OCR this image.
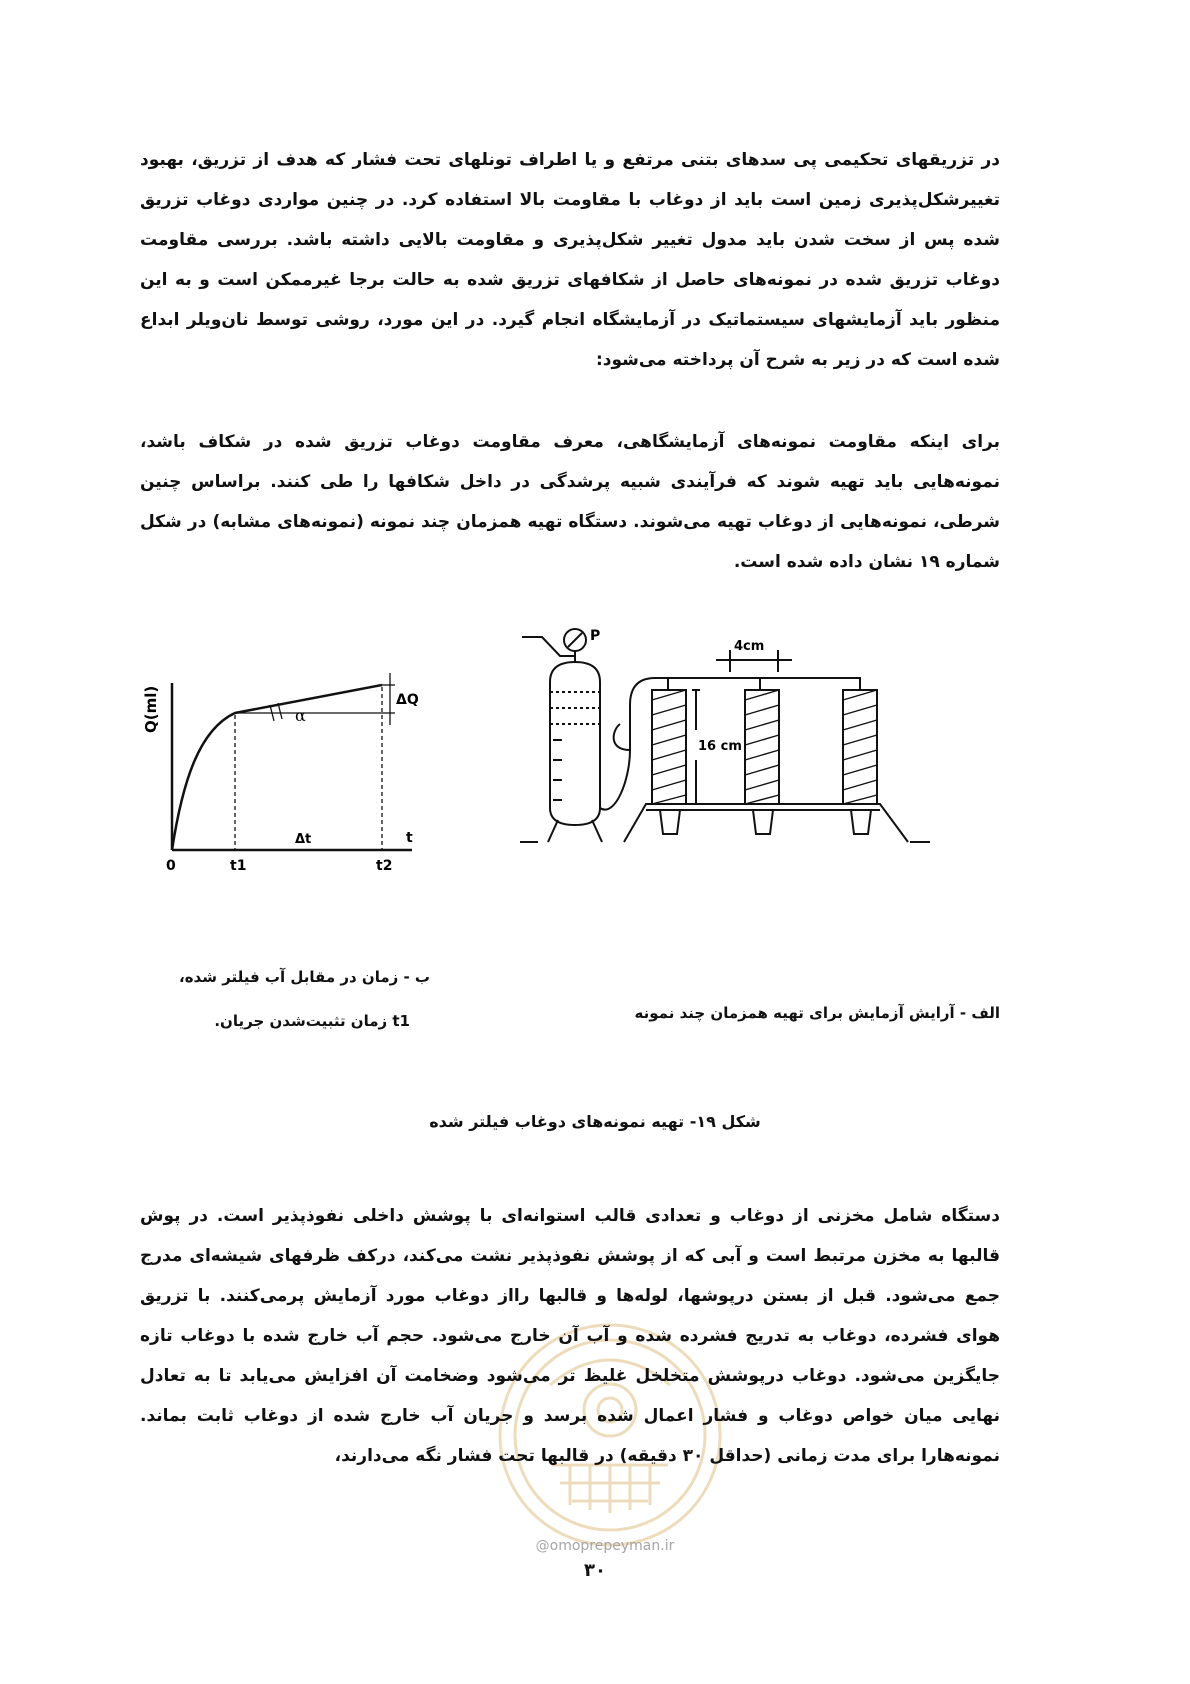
در تزریقهای تحکیمی پی سدهای بتنی مرتفع و یا اطراف تونلهای تحت فشار که هدف از تزریق، بهبود تغییرشکل‌پذیری زمین است باید از دوغاب با مقاومت بالا استفاده کرد. در چنین مواردی دوغاب تزریق شده پس از سخت شدن باید مدول تغییر شکل‌پذیری و مقاومت بالایی داشته باشد. بررسی مقاومت دوغاب تزریق شده در نمونه‌های حاصل از شکافهای تزریق شده به حالت برجا غیرممکن است و به این منظور باید آزمایشهای سیستماتیک در آزمایشگاه انجام گیرد. در این مورد، روشی توسط نان‌ویلر ابداع شده است که در زیر به شرح آن پرداخته می‌شود:

برای اینکه مقاومت نمونه‌های آزمایشگاهی، معرف مقاومت دوغاب تزریق شده در شکاف باشد، نمونه‌هایی باید تهیه شوند که فرآیندی شبیه پرشدگی در داخل شکافها را طی کنند. براساس چنین شرطی، نمونه‌هایی از دوغاب تهیه می‌شوند. دستگاه تهیه همزمان چند نمونه (نمونه‌های مشابه) در شکل شماره ۱۹ نشان داده شده است.

Q(ml)	α
ΔQ
Δt	t
0	t1	t2
P
4cm
16 cm

ب - زمان در مقابل آب فیلتر شده،

t1 زمان تثبیت‌شدن جریان.	الف - آرایش آزمایش برای تهیه همزمان چند نمونه

شکل ۱۹- تهیه نمونه‌های دوغاب فیلتر شده

دستگاه شامل مخزنی از دوغاب و تعدادی قالب استوانه‌ای با پوشش داخلی نفوذپذیر است. در پوش قالبها به مخزن مرتبط است و آبی که از پوشش نفوذپذیر نشت می‌کند، درکف ظرفهای شیشه‌ای مدرج جمع می‌شود. قبل از بستن درپوشها، لوله‌ها و قالبها رااز دوغاب مورد آزمایش پرمی‌کنند. با تزریق هوای فشرده، دوغاب به تدریج فشرده شده و آب آن خارج می‌شود. حجم آب خارج شده با دوغاب تازه جایگزین می‌شود. دوغاب درپوشش متخلخل غلیظ تر می‌شود وضخامت آن افزایش می‌یابد تا به تعادل نهایی میان خواص دوغاب و فشار اعمال شده برسد و جریان آب خارج شده از دوغاب ثابت بماند. نمونه‌هارا برای مدت زمانی (حداقل ۳۰ دقیقه) در قالبها تحت فشار نگه می‌دارند،

@omoprepeyman.ir

۳۰
